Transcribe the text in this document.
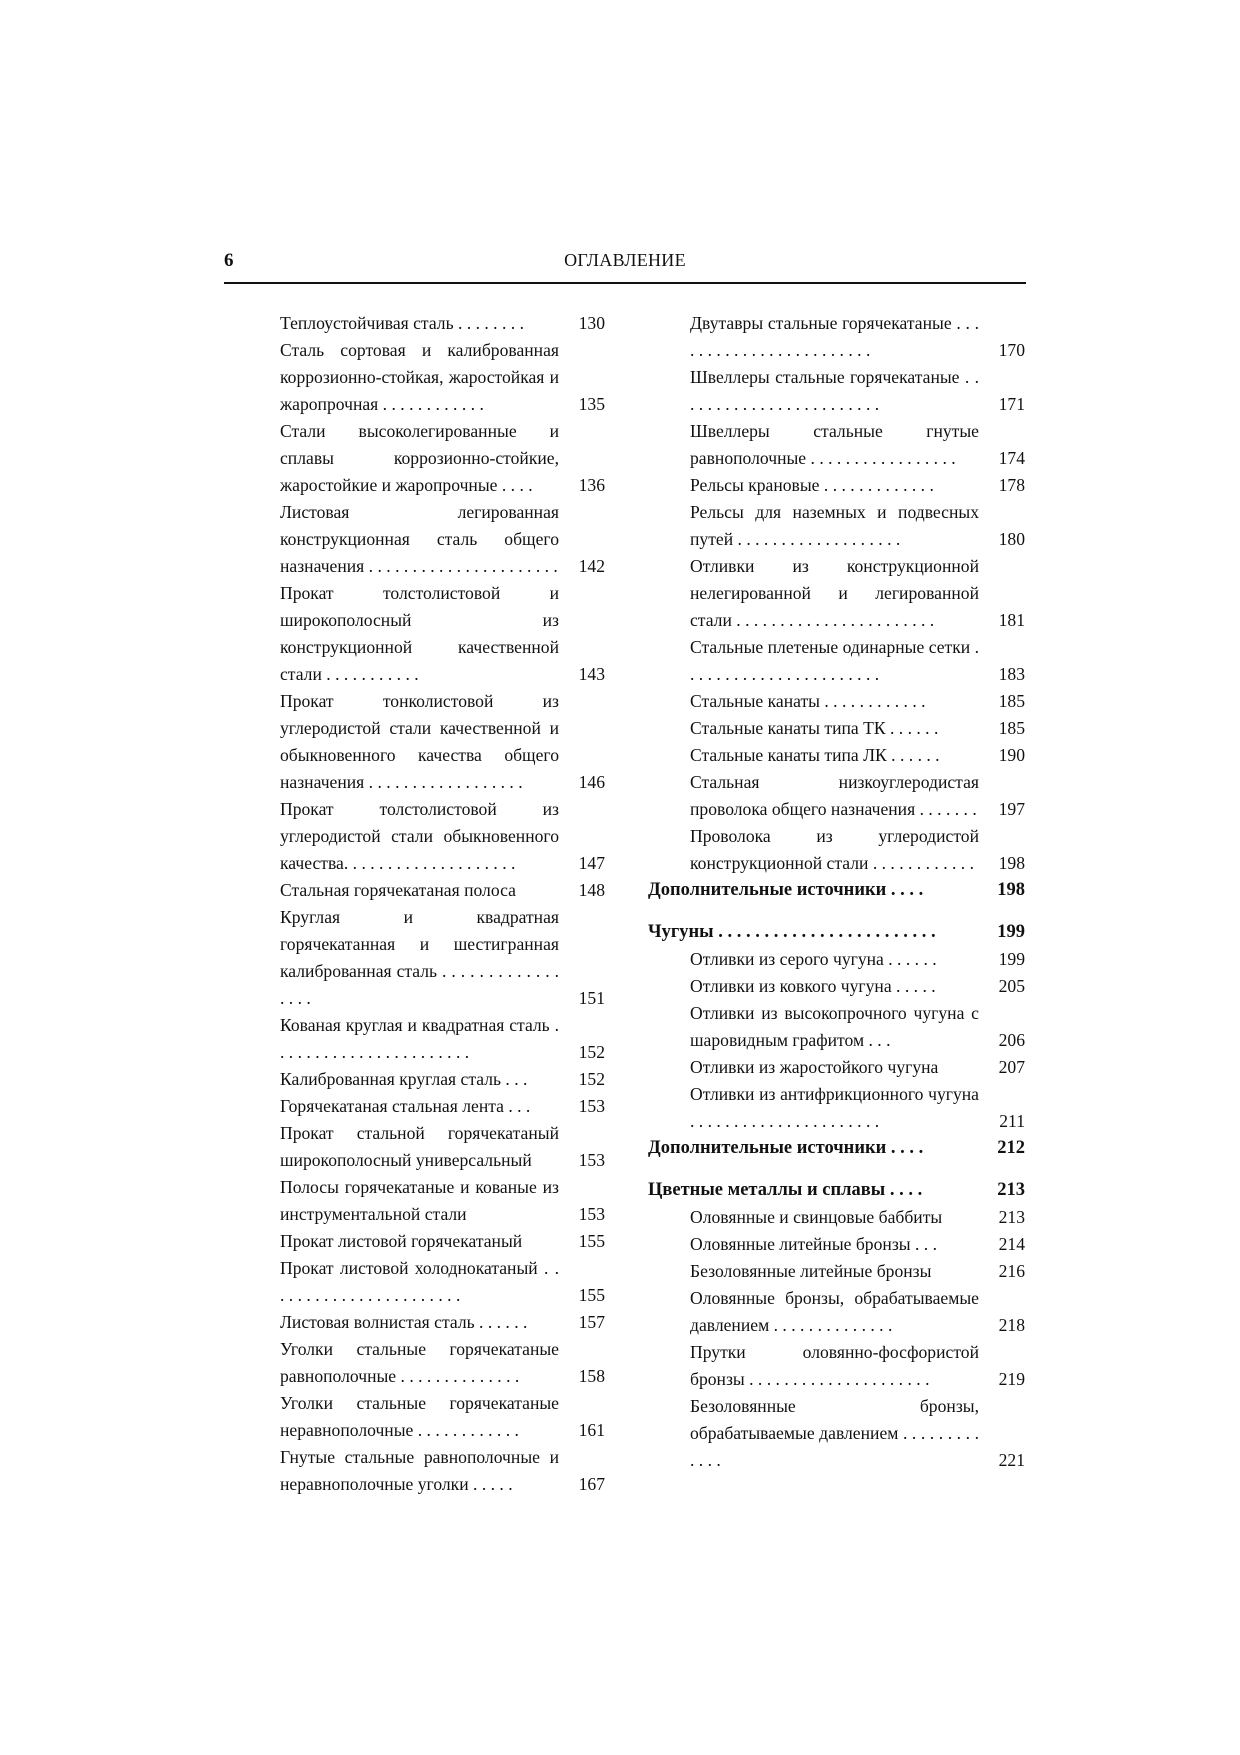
6	ОГЛАВЛЕНИЕ
Теплоустойчивая сталь . . . . . . . .	130
Сталь сортовая и калиброванная коррозионно-стойкая, жаростойкая и жаропрочная . . . . . . . . . . . .	135
Стали высоколегированные и сплавы коррозионно-стойкие, жаростойкие и жаропрочные . . . .	136
Листовая легированная конструкционная сталь общего назначения . . . . . . . . . . . . . . . . . . . . . .	142
Прокат толстолистовой и широкополосный из конструкционной качественной стали . . . . . . . . . . .	143
Прокат тонколистовой из углеродистой стали качественной и обыкновенного качества общего назначения . . . . . . . . . . . . . . . . . .	146
Прокат толстолистовой из углеродистой стали обыкновенного качества. . . . . . . . . . . . . . . . . . . .	147
Стальная горячекатаная полоса	148
Круглая и квадратная горячекатанная и шестигранная калиброванная сталь . . . . . . . . . . . . . . . . .	151
Кованая круглая и квадратная сталь . . . . . . . . . . . . . . . . . . . . . . .	152
Калиброванная круглая сталь . . .	152
Горячекатаная стальная лента . . .	153
Прокат стальной горячекатаный широкополосный универсальный	153
Полосы горячекатаные и кованые из инструментальной стали	153
Прокат листовой горячекатаный	155
Прокат листовой холоднокатаный . . . . . . . . . . . . . . . . . . . . . . .	155
Листовая волнистая сталь . . . . . .	157
Уголки стальные горячекатаные равнополочные . . . . . . . . . . . . . .	158
Уголки стальные горячекатаные неравнополочные . . . . . . . . . . . .	161
Гнутые стальные равнополочные и неравнополочные уголки . . . . .	167
Двутавры стальные горячекатаные . . . . . . . . . . . . . . . . . . . . . . . .	170
Швеллеры стальные горячекатаные . . . . . . . . . . . . . . . . . . . . . . . .	171
Швеллеры стальные гнутые равнополочные . . . . . . . . . . . . . . . . .	174
Рельсы крановые . . . . . . . . . . . . .	178
Рельсы для наземных и подвесных путей . . . . . . . . . . . . . . . . . . .	180
Отливки из конструкционной нелегированной и легированной стали . . . . . . . . . . . . . . . . . . . . . . .	181
Стальные плетеные одинарные сетки . . . . . . . . . . . . . . . . . . . . . . .	183
Стальные канаты . . . . . . . . . . . .	185
Стальные канаты типа ТК . . . . . .	185
Стальные канаты типа ЛК . . . . . .	190
Стальная низкоуглеродистая проволока общего назначения . . . . . . .	197
Проволока из углеродистой конструкционной стали . . . . . . . . . . . .	198
Дополнительные источники . . . .	198
Чугуны . . . . . . . . . . . . . . . . . . . . . . . .	199
Отливки из серого чугуна . . . . . .	199
Отливки из ковкого чугуна . . . . .	205
Отливки из высокопрочного чугуна с шаровидным графитом . . .	206
Отливки из жаростойкого чугуна	207
Отливки из антифрикционного чугуна . . . . . . . . . . . . . . . . . . . . . .	211
Дополнительные источники . . . .	212
Цветные металлы и сплавы . . . .	213
Оловянные и свинцовые баббиты	213
Оловянные литейные бронзы . . .	214
Безоловянные литейные бронзы	216
Оловянные бронзы, обрабатываемые давлением . . . . . . . . . . . . . .	218
Прутки оловянно-фосфористой бронзы . . . . . . . . . . . . . . . . . . . . .	219
Безоловянные бронзы, обрабатываемые давлением . . . . . . . . . . . . .	221
